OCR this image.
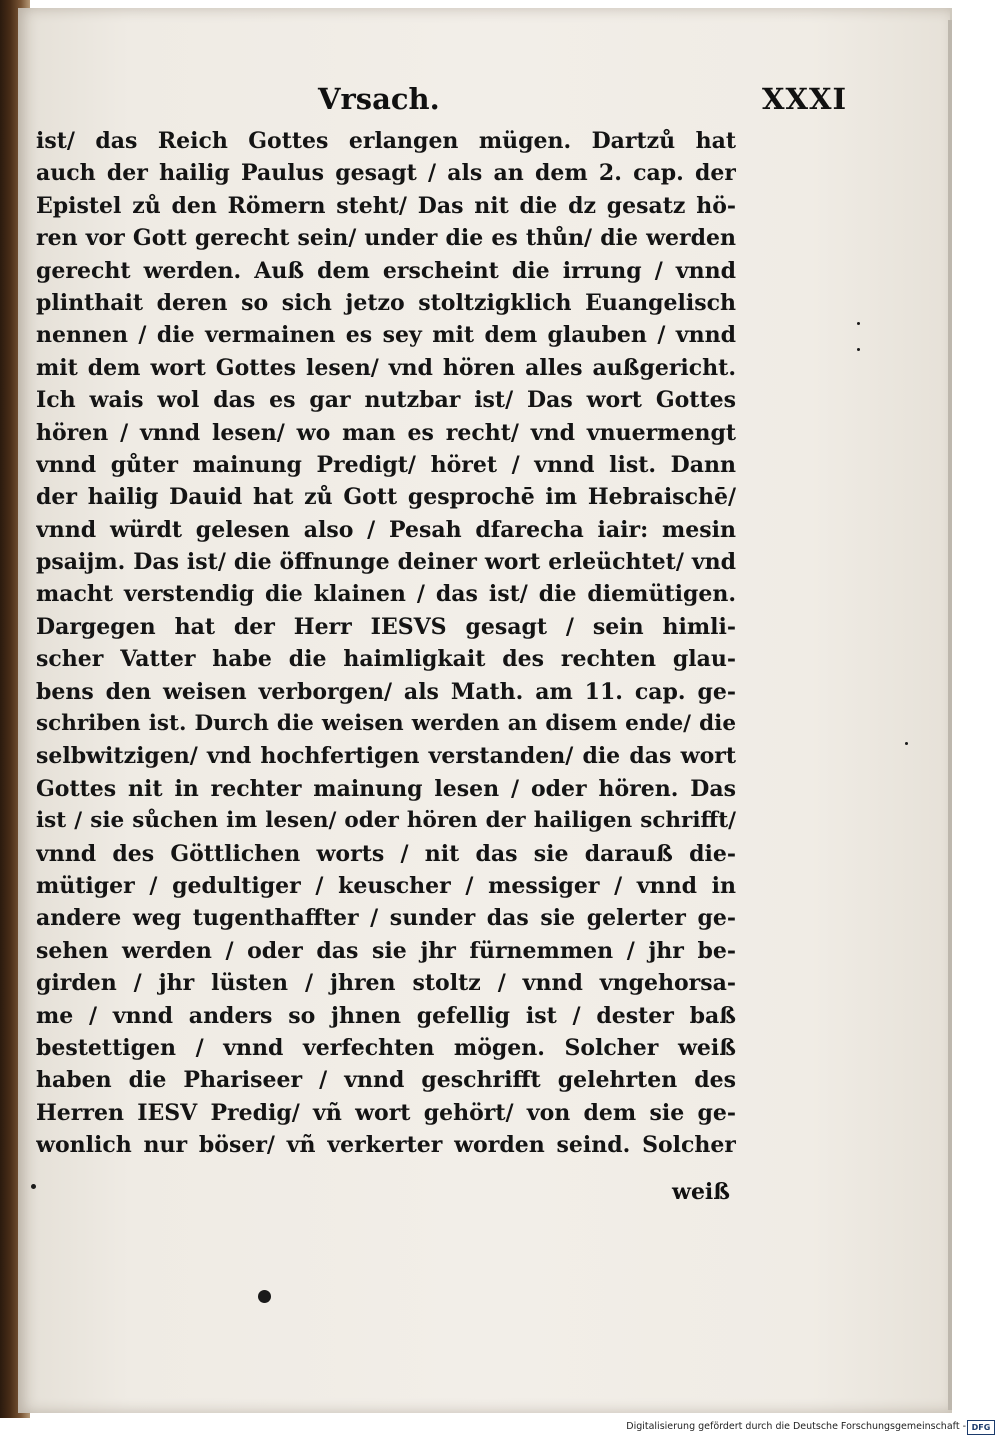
Vrsach.	XXXI
ist/ das Reich Gottes erlangen mügen. Dartzů hat
auch der hailig Paulus gesagt / als an dem 2. cap. der
Epistel zů den Römern steht/ Das nit die dz gesatz hö-
ren vor Gott gerecht sein/ under die es thůn/ die werden
gerecht werden. Auß dem erscheint die irrung / vnnd
plinthait deren so sich jetzo stoltzigklich Euangelisch
nennen / die vermainen es sey mit dem glauben / vnnd
mit dem wort Gottes lesen/ vnd hören alles außgericht.
Ich wais wol das es gar nutzbar ist/ Das wort Gottes
hören / vnnd lesen/ wo man es recht/ vnd vnuermengt
vnnd gůter mainung Predigt/ höret / vnnd list. Dann
der hailig Dauid hat zů Gott gesprochē im Hebraischē/
vnnd würdt gelesen also / Pesah dfarecha iair: mesin
psaijm. Das ist/ die öffnunge deiner wort erleüchtet/ vnd
macht verstendig die klainen / das ist/ die diemütigen.
Dargegen hat der Herr IESVS gesagt / sein himli-
scher Vatter habe die haimligkait des rechten glau-
bens den weisen verborgen/ als Math. am 11. cap. ge-
schriben ist. Durch die weisen werden an disem ende/ die
selbwitzigen/ vnd hochfertigen verstanden/ die das wort
Gottes nit in rechter mainung lesen / oder hören. Das
ist / sie sůchen im lesen/ oder hören der hailigen schrifft/
vnnd des Göttlichen worts / nit das sie darauß die-
mütiger / gedultiger / keuscher / messiger / vnnd in
andere weg tugenthaffter / sunder das sie gelerter ge-
sehen werden / oder das sie jhr fürnemmen / jhr be-
girden / jhr lüsten / jhren stoltz / vnnd vngehorsa-
me / vnnd anders so jhnen gefellig ist / dester baß
bestettigen / vnnd verfechten mögen. Solcher weiß
haben die Phariseer / vnnd geschrifft gelehrten des
Herren IESV Predig/ vñ wort gehört/ von dem sie ge-
wonlich nur böser/ vñ verkerter worden seind. Solcher
weiß
Digitalisierung gefördert durch die Deutsche Forschungsgemeinschaft - DFG
